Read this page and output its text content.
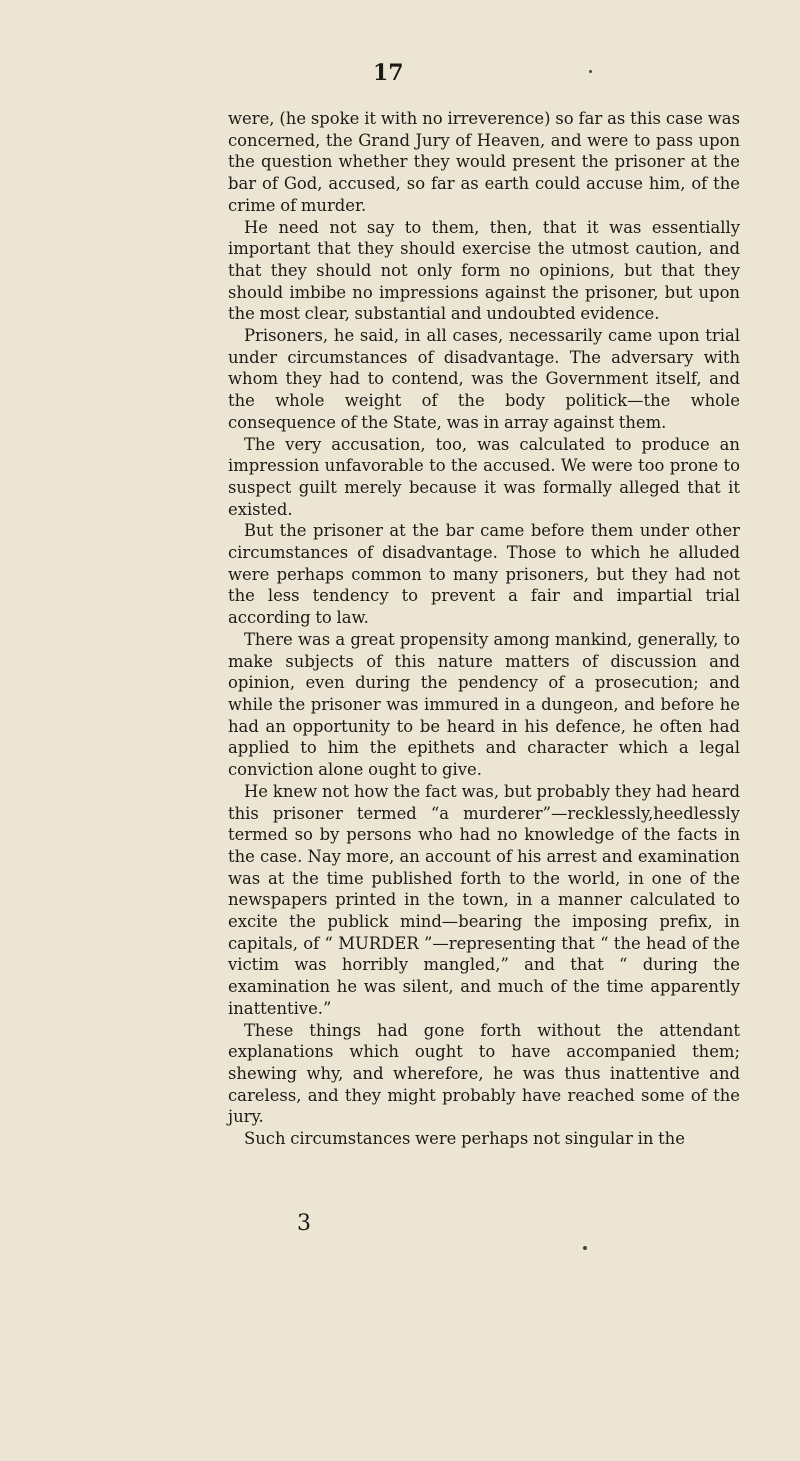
17

were, (he spoke it with no irreverence) so far as this case was concerned, the Grand Jury of Heaven, and were to pass upon the question whether they would present the prisoner at the bar of God, accused, so far as earth could accuse him, of the crime of murder.

He need not say to them, then, that it was essentially important that they should exercise the utmost caution, and that they should not only form no opinions, but that they should imbibe no impressions against the prisoner, but upon the most clear, substantial and undoubted evidence.

Prisoners, he said, in all cases, necessarily came upon trial under circumstances of disadvantage. The adversary with whom they had to contend, was the Government itself, and the whole weight of the body politick—the whole consequence of the State, was in array against them.

The very accusation, too, was calculated to produce an impression unfavorable to the accused. We were too prone to suspect guilt merely because it was formally alleged that it existed.

But the prisoner at the bar came before them under other circumstances of disadvantage. Those to which he alluded were perhaps common to many prisoners, but they had not the less tendency to prevent a fair and impartial trial according to law.

There was a great propensity among mankind, generally, to make subjects of this nature matters of discussion and opinion, even during the pendency of a prosecution; and while the prisoner was immured in a dungeon, and before he had an opportunity to be heard in his defence, he often had applied to him the epithets and character which a legal conviction alone ought to give.

He knew not how the fact was, but probably they had heard this prisoner termed “a murderer”—recklessly,heedlessly termed so by persons who had no knowledge of the facts in the case. Nay more, an account of his arrest and examination was at the time published forth to the world, in one of the newspapers printed in the town, in a manner calculated to excite the publick mind—bearing the imposing prefix, in capitals, of “ MURDER ”—representing that “ the head of the victim was horribly mangled,” and that “ during the examination he was silent, and much of the time apparently inattentive.”

These things had gone forth without the attendant explanations which ought to have accompanied them; shewing why, and wherefore, he was thus inattentive and careless, and they might probably have reached some of the jury.

Such circumstances were perhaps not singular in the

3
